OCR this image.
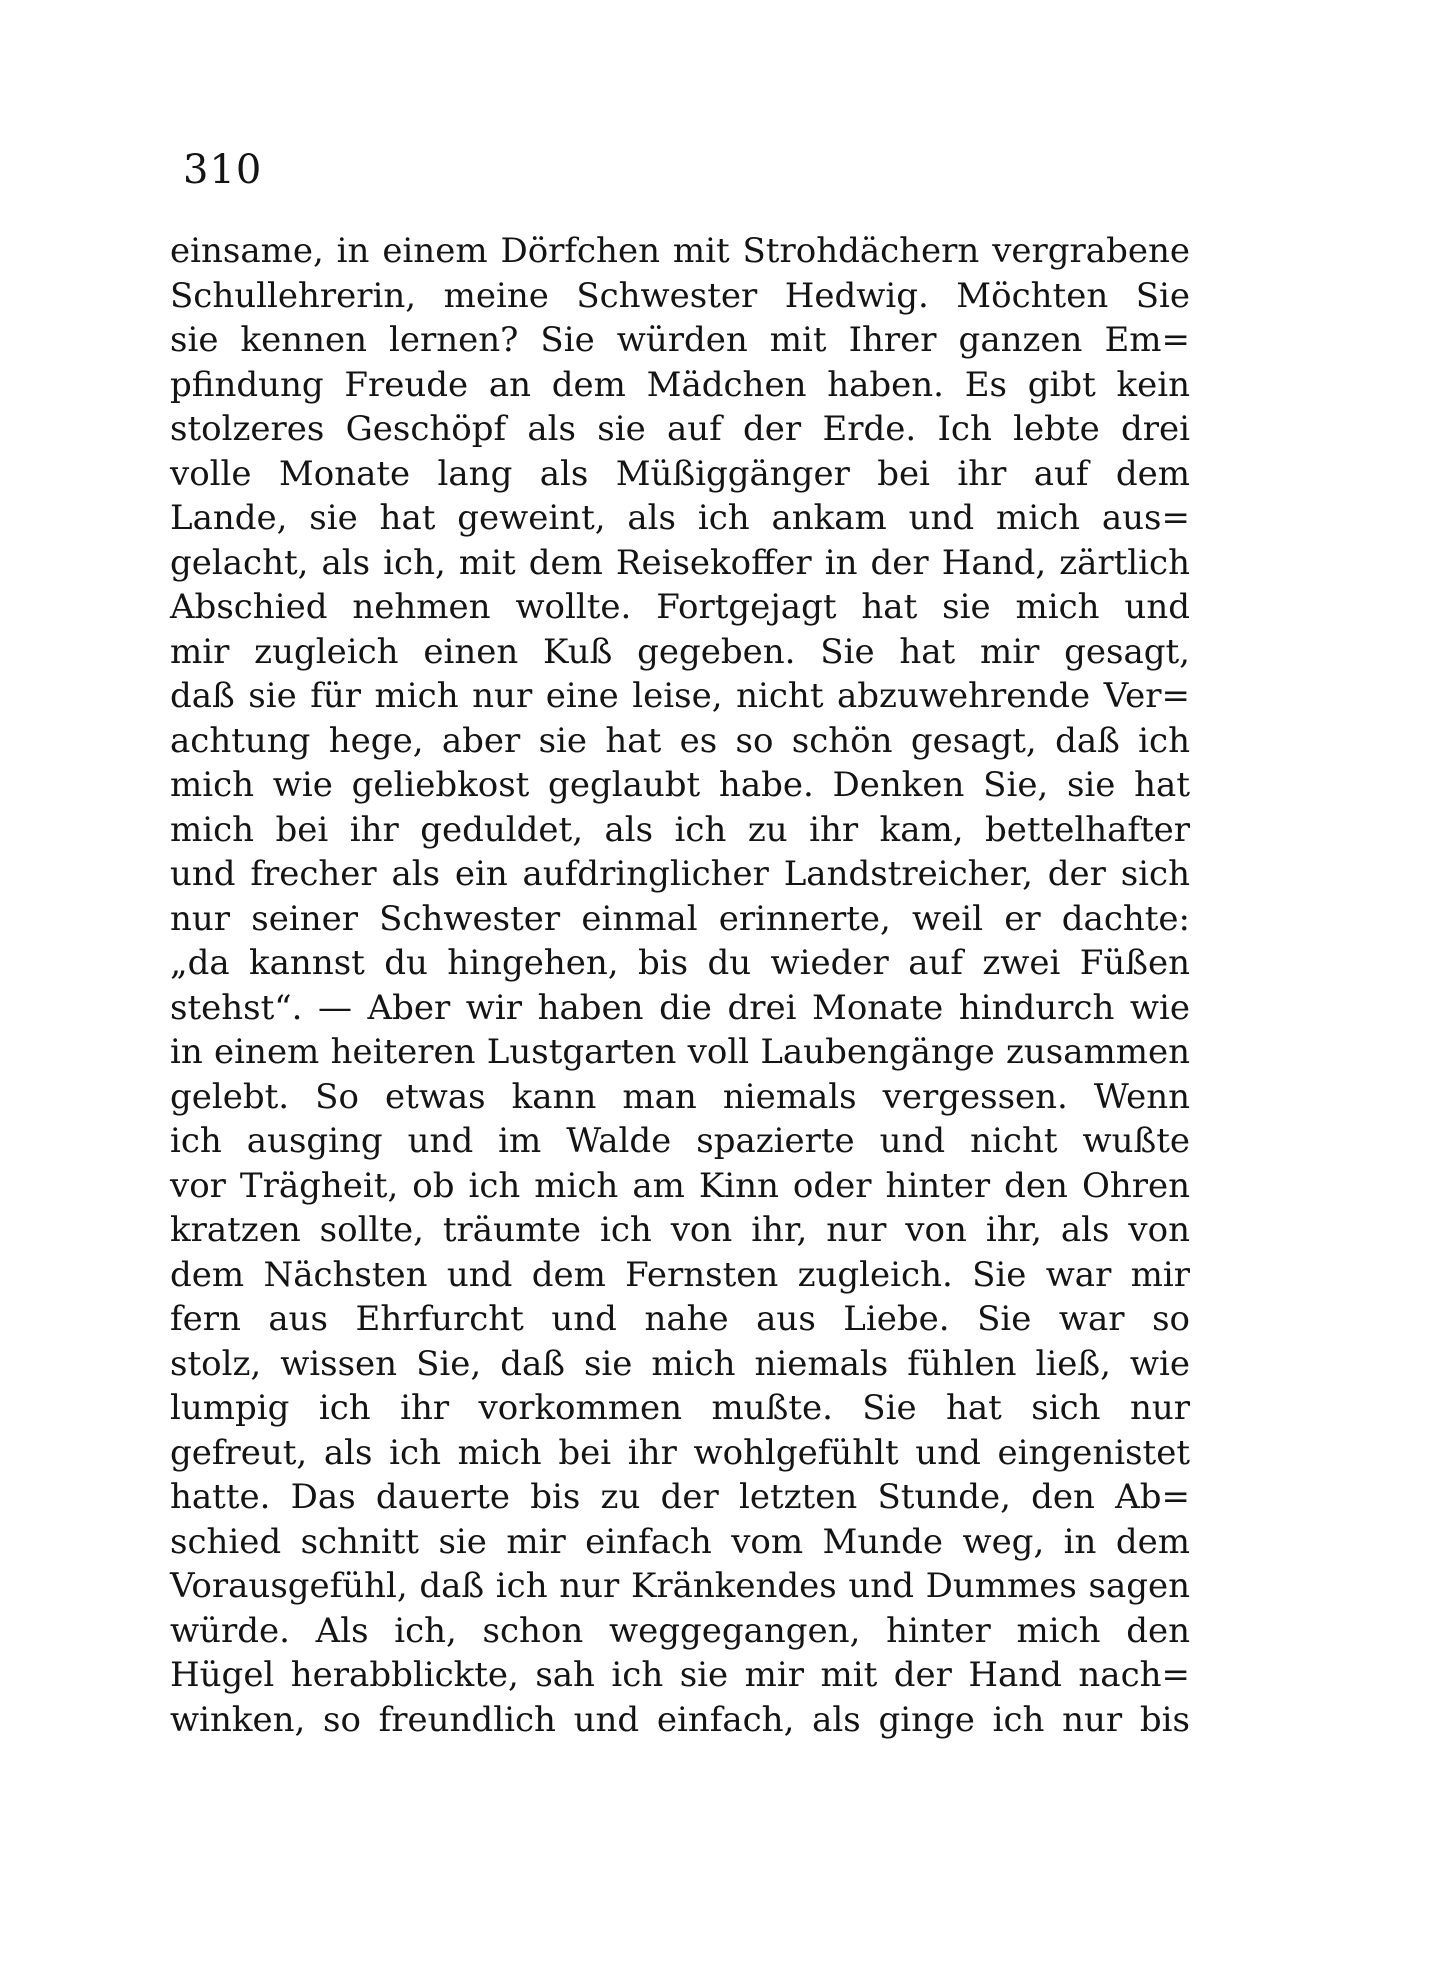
310
einsame, in einem Dörfchen mit Strohdächern vergrabene
Schullehrerin, meine Schwester Hedwig. Möchten Sie
sie kennen lernen? Sie würden mit Ihrer ganzen Em=
pfindung Freude an dem Mädchen haben. Es gibt kein
stolzeres Geschöpf als sie auf der Erde. Ich lebte drei
volle Monate lang als Müßiggänger bei ihr auf dem
Lande, sie hat geweint, als ich ankam und mich aus=
gelacht, als ich, mit dem Reisekoffer in der Hand, zärtlich
Abschied nehmen wollte. Fortgejagt hat sie mich und
mir zugleich einen Kuß gegeben. Sie hat mir gesagt,
daß sie für mich nur eine leise, nicht abzuwehrende Ver=
achtung hege, aber sie hat es so schön gesagt, daß ich
mich wie geliebkost geglaubt habe. Denken Sie, sie hat
mich bei ihr geduldet, als ich zu ihr kam, bettelhafter
und frecher als ein aufdringlicher Landstreicher, der sich
nur seiner Schwester einmal erinnerte, weil er dachte:
„da kannst du hingehen, bis du wieder auf zwei Füßen
stehst“. — Aber wir haben die drei Monate hindurch wie
in einem heiteren Lustgarten voll Laubengänge zusammen
gelebt. So etwas kann man niemals vergessen. Wenn
ich ausging und im Walde spazierte und nicht wußte
vor Trägheit, ob ich mich am Kinn oder hinter den Ohren
kratzen sollte, träumte ich von ihr, nur von ihr, als von
dem Nächsten und dem Fernsten zugleich. Sie war mir
fern aus Ehrfurcht und nahe aus Liebe. Sie war so
stolz, wissen Sie, daß sie mich niemals fühlen ließ, wie
lumpig ich ihr vorkommen mußte. Sie hat sich nur
gefreut, als ich mich bei ihr wohlgefühlt und eingenistet
hatte. Das dauerte bis zu der letzten Stunde, den Ab=
schied schnitt sie mir einfach vom Munde weg, in dem
Vorausgefühl, daß ich nur Kränkendes und Dummes sagen
würde. Als ich, schon weggegangen, hinter mich den
Hügel herabblickte, sah ich sie mir mit der Hand nach=
winken, so freundlich und einfach, als ginge ich nur bis
